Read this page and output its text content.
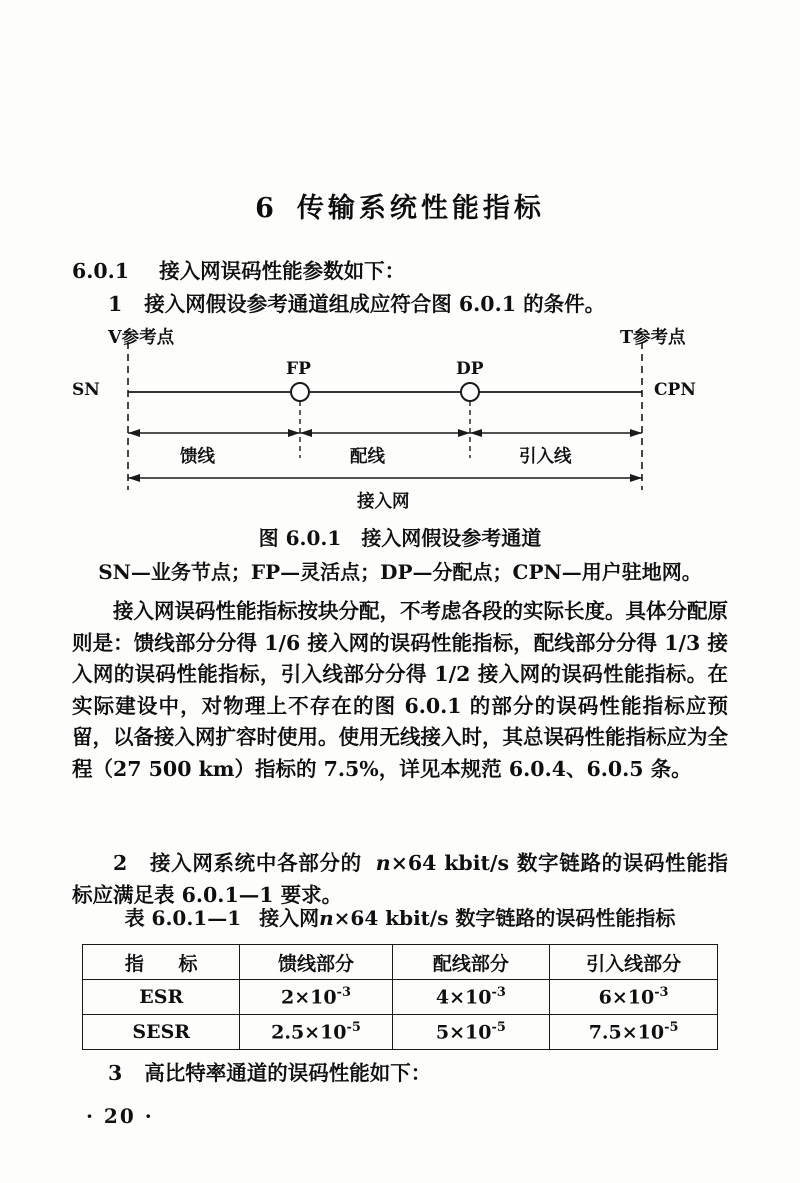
6 传输系统性能指标
6.0.1 接入网误码性能参数如下：
1 接入网假设参考通道组成应符合图 6.0.1 的条件。
V参考点	T参考点
SN	CPN
FP	DP
馈线	配线	引入线
接入网
图 6.0.1 接入网假设参考通道
SN—业务节点；FP—灵活点；DP—分配点；CPN—用户驻地网。
接入网误码性能指标按块分配，不考虑各段的实际长度。具体分配原则是：馈线部分分得 1/6 接入网的误码性能指标，配线部分分得 1/3 接入网的误码性能指标，引入线部分分得 1/2 接入网的误码性能指标。在实际建设中，对物理上不存在的图 6.0.1 的部分的误码性能指标应预留，以备接入网扩容时使用。使用无线接入时，其总误码性能指标应为全程（27 500 km）指标的 7.5%，详见本规范 6.0.4、6.0.5 条。
2 接入网系统中各部分的 n×64 kbit/s 数字链路的误码性能指标应满足表 6.0.1—1 要求。
表 6.0.1—1 接入网n×64 kbit/s 数字链路的误码性能指标
指 标	馈线部分	配线部分	引入线部分
ESR	$2\times 10^{-3}$	$4\times 10^{-3}$	$6\times 10^{-3}$
SESR	$2.5\times 10^{-5}$	$5\times 10^{-5}$	$7.5\times 10^{-5}$
3 高比特率通道的误码性能如下：
· 20 ·
